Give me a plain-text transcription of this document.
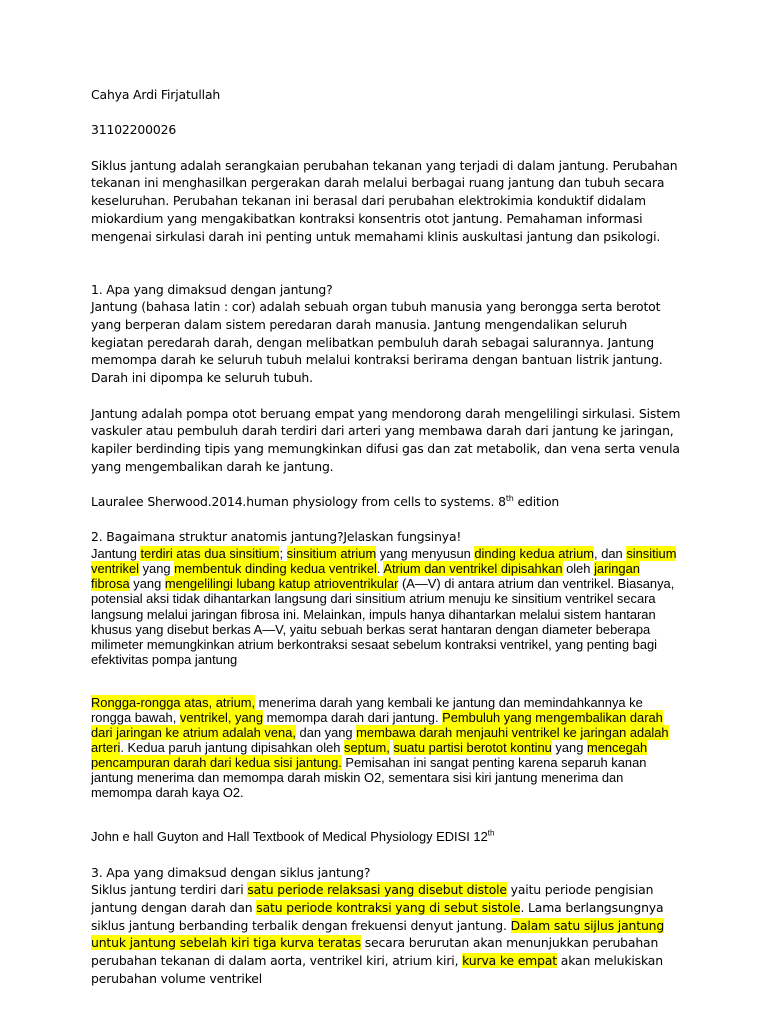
Cahya Ardi Firjatullah

31102200026

Siklus jantung adalah serangkaian perubahan tekanan yang terjadi di dalam jantung. Perubahan tekanan ini menghasilkan pergerakan darah melalui berbagai ruang jantung dan tubuh secara keseluruhan. Perubahan tekanan ini berasal dari perubahan elektrokimia konduktif didalam miokardium yang mengakibatkan kontraksi konsentris otot jantung. Pemahaman informasi mengenai sirkulasi darah ini penting untuk memahami klinis auskultasi jantung dan psikologi.

1. Apa yang dimaksud dengan jantung?

Jantung (bahasa latin : cor) adalah sebuah organ tubuh manusia yang berongga serta berotot yang berperan dalam sistem peredaran darah manusia. Jantung mengendalikan seluruh kegiatan peredarah darah, dengan melibatkan pembuluh darah sebagai salurannya. Jantung memompa darah ke seluruh tubuh melalui kontraksi berirama dengan bantuan listrik jantung. Darah ini dipompa ke seluruh tubuh.

Jantung adalah pompa otot beruang empat yang mendorong darah mengelilingi sirkulasi. Sistem vaskuler atau pembuluh darah terdiri dari arteri yang membawa darah dari jantung ke jaringan, kapiler berdinding tipis yang memungkinkan difusi gas dan zat metabolik, dan vena serta venula yang mengembalikan darah ke jantung.

Lauralee Sherwood.2014.human physiology from cells to systems. 8th edition

2. Bagaimana struktur anatomis jantung?Jelaskan fungsinya!

Jantung terdiri atas dua sinsitium; sinsitium atrium yang menyusun dinding kedua atrium, dan sinsitium ventrikel yang membentuk dinding kedua ventrikel. Atrium dan ventrikel dipisahkan oleh jaringan fibrosa yang mengelilingi lubang katup atrioventrikular (A—V) di antara atrium dan ventrikel. Biasanya, potensial aksi tidak dihantarkan langsung dari sinsitium atrium menuju ke sinsitium ventrikel secara langsung melalui jaringan fibrosa ini. Melainkan, impuls hanya dihantarkan melalui sistem hantaran khusus yang disebut berkas A—V, yaitu sebuah berkas serat hantaran dengan diameter beberapa milimeter memungkinkan atrium berkontraksi sesaat sebelum kontraksi ventrikel, yang penting bagi efektivitas pompa jantung

Rongga-rongga atas, atrium, menerima darah yang kembali ke jantung dan memindahkannya ke rongga bawah, ventrikel, yang memompa darah dari jantung. Pembuluh yang mengembalikan darah dari jaringan ke atrium adalah vena, dan yang membawa darah menjauhi ventrikel ke jaringan adalah arteri. Kedua paruh jantung dipisahkan oleh septum, suatu partisi berotot kontinu yang mencegah pencampuran darah dari kedua sisi jantung. Pemisahan ini sangat penting karena separuh kanan jantung menerima dan memompa darah miskin O2, sementara sisi kiri jantung menerima dan memompa darah kaya O2.

John e hall Guyton and Hall Textbook of Medical Physiology EDISI 12th

3. Apa yang dimaksud dengan siklus jantung?

Siklus jantung terdiri dari satu periode relaksasi yang disebut distole yaitu periode pengisian jantung dengan darah dan satu periode kontraksi yang di sebut sistole. Lama berlangsungnya siklus jantung berbanding terbalik dengan frekuensi denyut jantung. Dalam satu sijlus jantung untuk jantung sebelah kiri tiga kurva teratas secara berurutan akan menunjukkan perubahan perubahan tekanan di dalam aorta, ventrikel kiri, atrium kiri, kurva ke empat akan melukiskan perubahan volume ventrikel
